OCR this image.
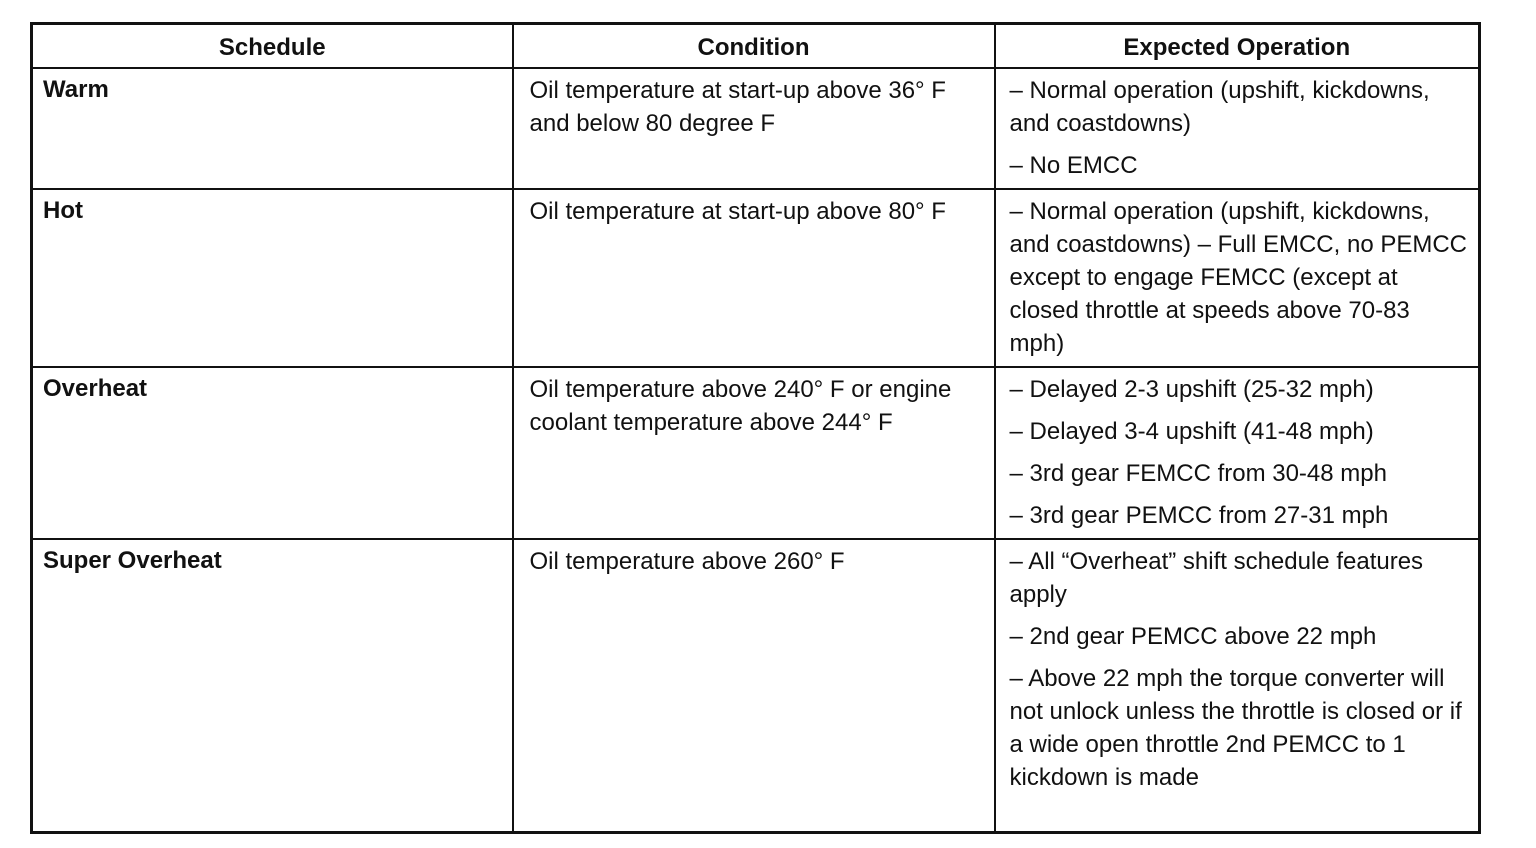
Schedule	Condition	Expected Operation
Warm	Oil temperature at start-up above 36° F and below 80 degree F	– Normal operation (upshift, kickdowns, and coastdowns)
– No EMCC

Hot	Oil temperature at start-up above 80° F	– Normal operation (upshift, kickdowns, and coastdowns) – Full EMCC, no PEMCC except to engage FEMCC (except at closed throttle at speeds above 70-83 mph)

Overheat	Oil temperature above 240° F or engine coolant temperature above 244° F	– Delayed 2-3 upshift (25-32 mph)
– Delayed 3-4 upshift (41-48 mph)
– 3rd gear FEMCC from 30-48 mph
– 3rd gear PEMCC from 27-31 mph

Super Overheat	Oil temperature above 260° F	– All “Overheat” shift schedule features apply
– 2nd gear PEMCC above 22 mph
– Above 22 mph the torque converter will not unlock unless the throttle is closed or if a wide open throttle 2nd PEMCC to 1 kickdown is made
